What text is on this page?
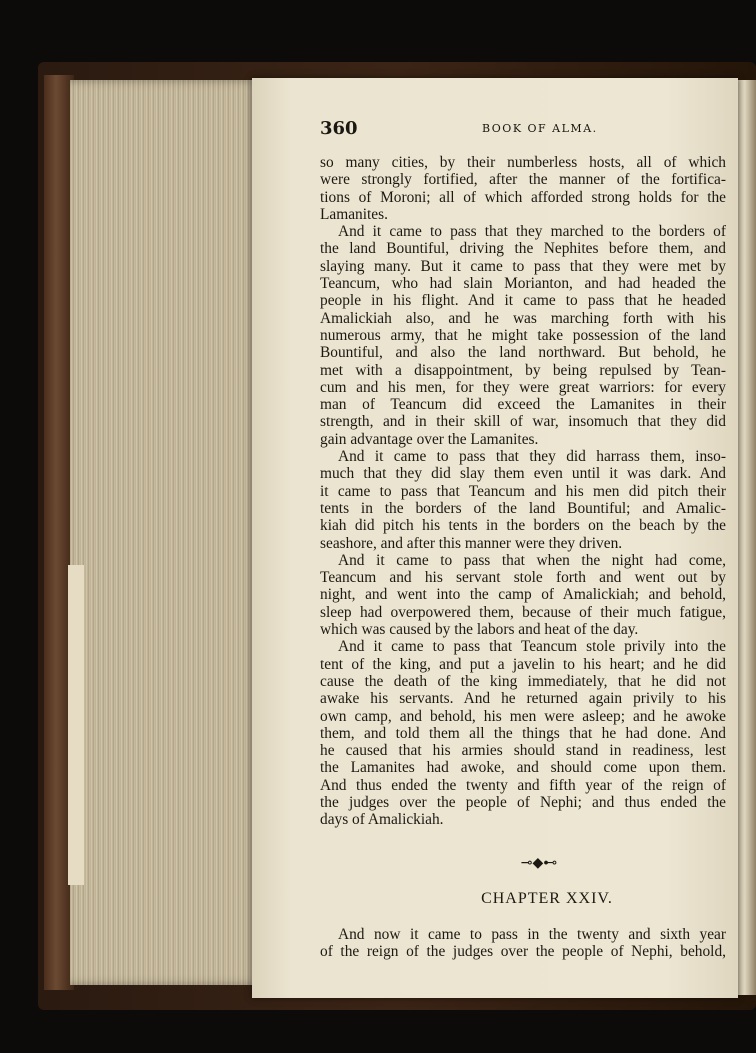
360	BOOK OF ALMA.
so many cities, by their numberless hosts, all of which
were strongly fortified, after the manner of the fortifica-
tions of Moroni; all of which afforded strong holds for the
Lamanites.
And it came to pass that they marched to the borders of
the land Bountiful, driving the Nephites before them, and
slaying many. But it came to pass that they were met by
Teancum, who had slain Morianton, and had headed the
people in his flight. And it came to pass that he headed
Amalickiah also, and he was marching forth with his
numerous army, that he might take possession of the land
Bountiful, and also the land northward. But behold, he
met with a disappointment, by being repulsed by Tean-
cum and his men, for they were great warriors: for every
man of Teancum did exceed the Lamanites in their
strength, and in their skill of war, insomuch that they did
gain advantage over the Lamanites.
And it came to pass that they did harrass them, inso-
much that they did slay them even until it was dark. And
it came to pass that Teancum and his men did pitch their
tents in the borders of the land Bountiful; and Amalic-
kiah did pitch his tents in the borders on the beach by the
seashore, and after this manner were they driven.
And it came to pass that when the night had come,
Teancum and his servant stole forth and went out by
night, and went into the camp of Amalickiah; and behold,
sleep had overpowered them, because of their much fatigue,
which was caused by the labors and heat of the day.
And it came to pass that Teancum stole privily into the
tent of the king, and put a javelin to his heart; and he did
cause the death of the king immediately, that he did not
awake his servants. And he returned again privily to his
own camp, and behold, his men were asleep; and he awoke
them, and told them all the things that he had done. And
he caused that his armies should stand in readiness, lest
the Lamanites had awoke, and should come upon them.
And thus ended the twenty and fifth year of the reign of
the judges over the people of Nephi; and thus ended the
days of Amalickiah.
⊸◆⊷
CHAPTER XXIV.
And now it came to pass in the twenty and sixth year
of the reign of the judges over the people of Nephi, behold,
